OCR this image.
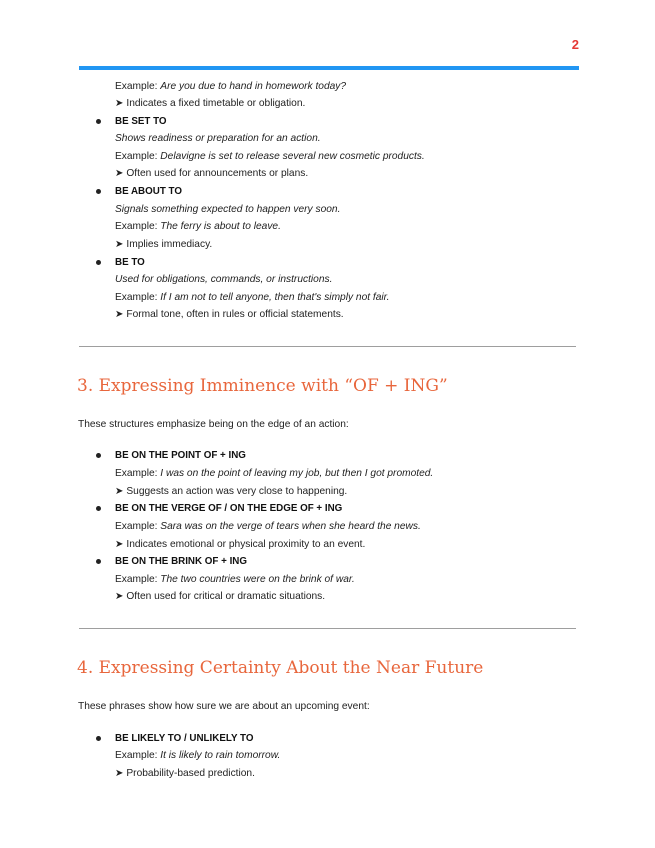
2
Example: Are you due to hand in homework today?
➤ Indicates a fixed timetable or obligation.
BE SET TO
Shows readiness or preparation for an action.
Example: Delavigne is set to release several new cosmetic products.
➤ Often used for announcements or plans.
BE ABOUT TO
Signals something expected to happen very soon.
Example: The ferry is about to leave.
➤ Implies immediacy.
BE TO
Used for obligations, commands, or instructions.
Example: If I am not to tell anyone, then that's simply not fair.
➤ Formal tone, often in rules or official statements.
3. Expressing Imminence with “OF + ING”
These structures emphasize being on the edge of an action:
BE ON THE POINT OF + ING
Example: I was on the point of leaving my job, but then I got promoted.
➤ Suggests an action was very close to happening.
BE ON THE VERGE OF / ON THE EDGE OF + ING
Example: Sara was on the verge of tears when she heard the news.
➤ Indicates emotional or physical proximity to an event.
BE ON THE BRINK OF + ING
Example: The two countries were on the brink of war.
➤ Often used for critical or dramatic situations.
4. Expressing Certainty About the Near Future
These phrases show how sure we are about an upcoming event:
BE LIKELY TO / UNLIKELY TO
Example: It is likely to rain tomorrow.
➤ Probability-based prediction.
